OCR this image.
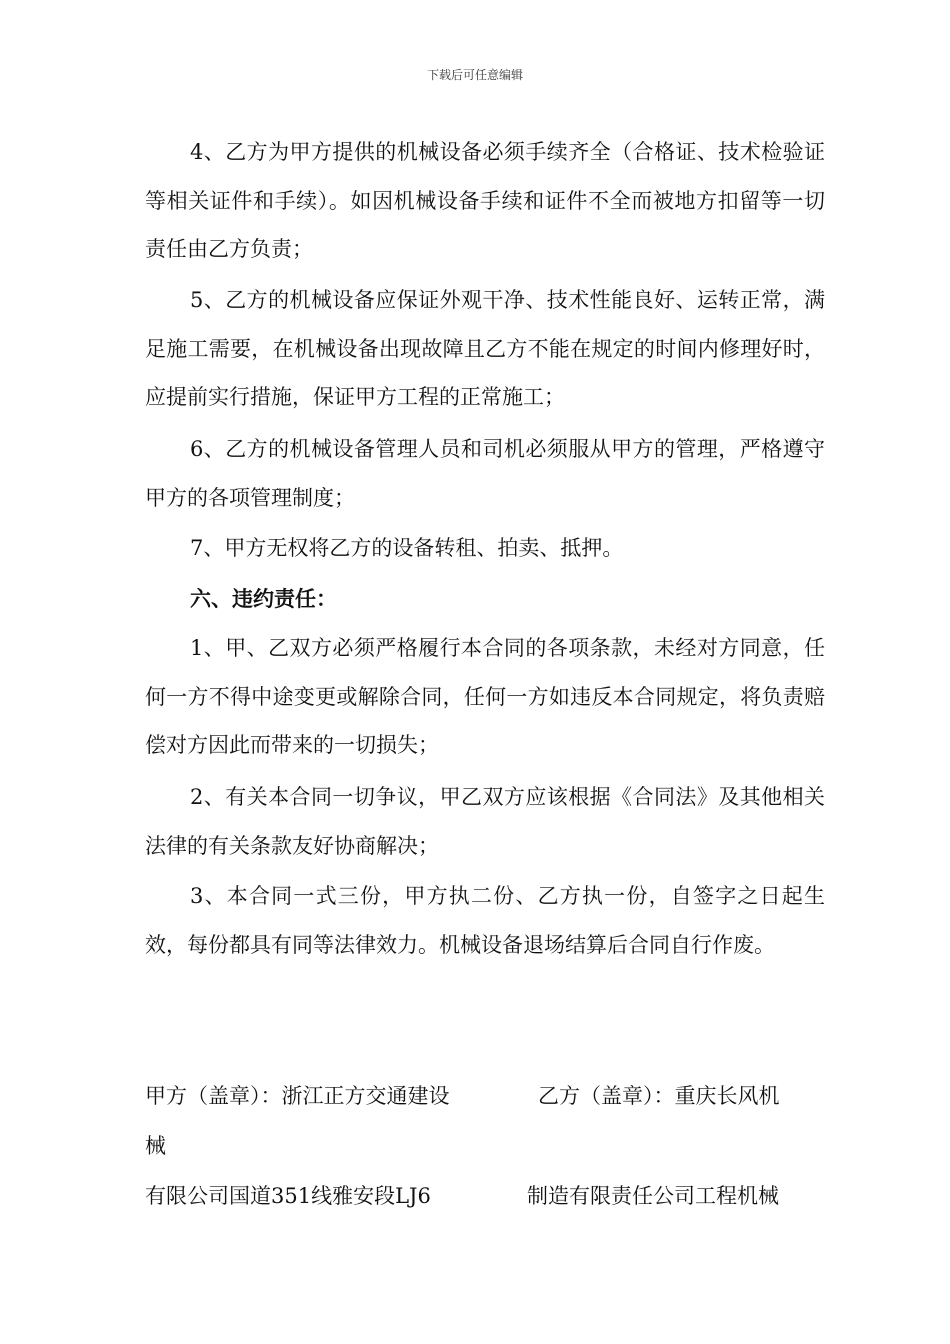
下载后可任意编辑

4、乙方为甲方提供的机械设备必须手续齐全（合格证、技术检验证等相关证件和手续）。如因机械设备手续和证件不全而被地方扣留等一切责任由乙方负责；

5、乙方的机械设备应保证外观干净、技术性能良好、运转正常，满足施工需要，在机械设备出现故障且乙方不能在规定的时间内修理好时，应提前实行措施，保证甲方工程的正常施工；

6、乙方的机械设备管理人员和司机必须服从甲方的管理，严格遵守甲方的各项管理制度；

7、甲方无权将乙方的设备转租、拍卖、抵押。

六、违约责任：

1、甲、乙双方必须严格履行本合同的各项条款，未经对方同意，任何一方不得中途变更或解除合同，任何一方如违反本合同规定，将负责赔偿对方因此而带来的一切损失；

2、有关本合同一切争议，甲乙双方应该根据《合同法》及其他相关法律的有关条款友好协商解决；

3、本合同一式三份，甲方执二份、乙方执一份，自签字之日起生效，每份都具有同等法律效力。机械设备退场结算后合同自行作废。

甲方（盖章）：浙江正方交通建设	乙方（盖章）：重庆长风机
械
有限公司国道351线雅安段LJ6	制造有限责任公司工程机械
